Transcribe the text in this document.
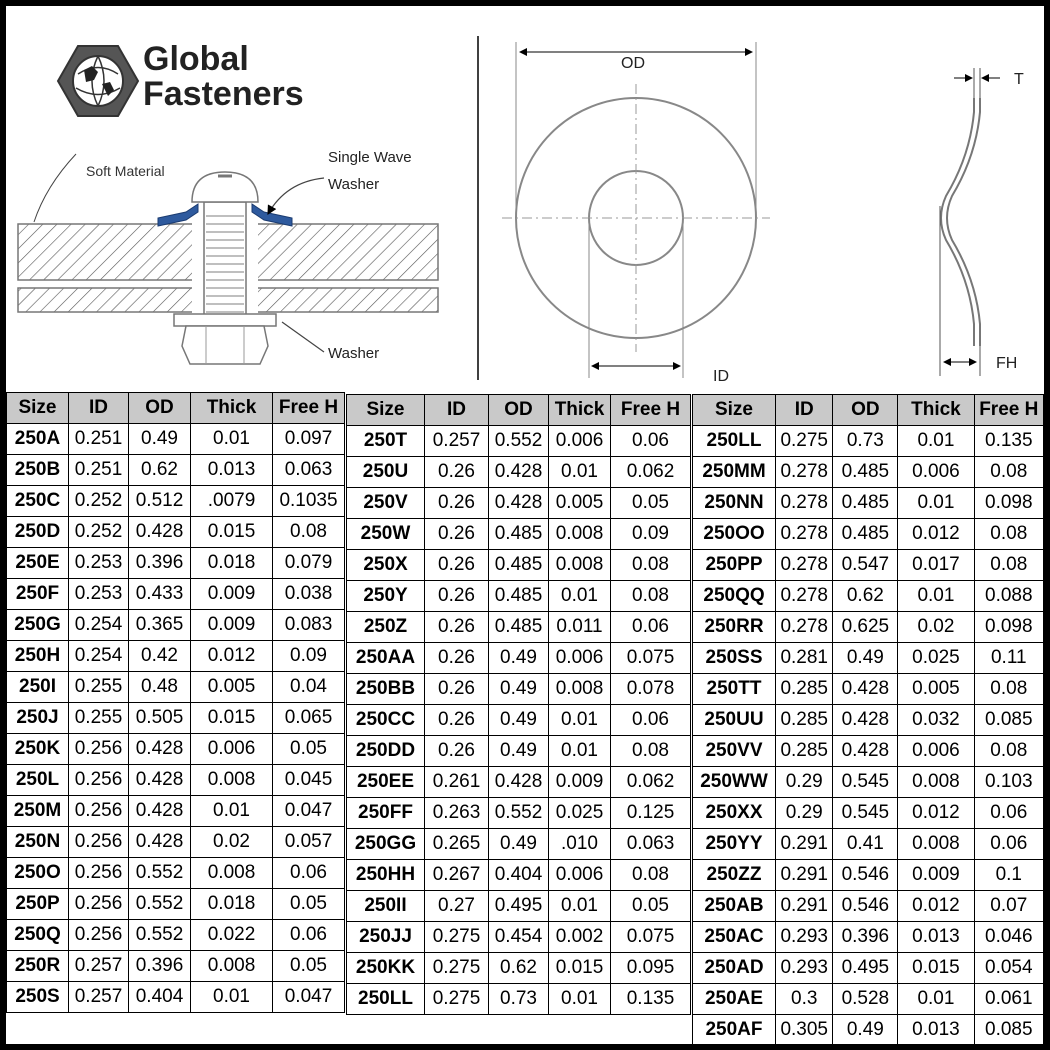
Global
Fasteners
Soft Material
Single Wave
Washer
Washer
OD
ID
T
FH
Size	ID	OD	Thick	Free H
250A	0.251	0.49	0.01	0.097
250B	0.251	0.62	0.013	0.063
250C	0.252	0.512	.0079	0.1035
250D	0.252	0.428	0.015	0.08
250E	0.253	0.396	0.018	0.079
250F	0.253	0.433	0.009	0.038
250G	0.254	0.365	0.009	0.083
250H	0.254	0.42	0.012	0.09
250I	0.255	0.48	0.005	0.04
250J	0.255	0.505	0.015	0.065
250K	0.256	0.428	0.006	0.05
250L	0.256	0.428	0.008	0.045
250M	0.256	0.428	0.01	0.047
250N	0.256	0.428	0.02	0.057
250O	0.256	0.552	0.008	0.06
250P	0.256	0.552	0.018	0.05
250Q	0.256	0.552	0.022	0.06
250R	0.257	0.396	0.008	0.05
250S	0.257	0.404	0.01	0.047
Size	ID	OD	Thick	Free H
250T	0.257	0.552	0.006	0.06
250U	0.26	0.428	0.01	0.062
250V	0.26	0.428	0.005	0.05
250W	0.26	0.485	0.008	0.09
250X	0.26	0.485	0.008	0.08
250Y	0.26	0.485	0.01	0.08
250Z	0.26	0.485	0.011	0.06
250AA	0.26	0.49	0.006	0.075
250BB	0.26	0.49	0.008	0.078
250CC	0.26	0.49	0.01	0.06
250DD	0.26	0.49	0.01	0.08
250EE	0.261	0.428	0.009	0.062
250FF	0.263	0.552	0.025	0.125
250GG	0.265	0.49	.010	0.063
250HH	0.267	0.404	0.006	0.08
250II	0.27	0.495	0.01	0.05
250JJ	0.275	0.454	0.002	0.075
250KK	0.275	0.62	0.015	0.095
250LL	0.275	0.73	0.01	0.135
Size	ID	OD	Thick	Free H
250LL	0.275	0.73	0.01	0.135
250MM	0.278	0.485	0.006	0.08
250NN	0.278	0.485	0.01	0.098
250OO	0.278	0.485	0.012	0.08
250PP	0.278	0.547	0.017	0.08
250QQ	0.278	0.62	0.01	0.088
250RR	0.278	0.625	0.02	0.098
250SS	0.281	0.49	0.025	0.11
250TT	0.285	0.428	0.005	0.08
250UU	0.285	0.428	0.032	0.085
250VV	0.285	0.428	0.006	0.08
250WW	0.29	0.545	0.008	0.103
250XX	0.29	0.545	0.012	0.06
250YY	0.291	0.41	0.008	0.06
250ZZ	0.291	0.546	0.009	0.1
250AB	0.291	0.546	0.012	0.07
250AC	0.293	0.396	0.013	0.046
250AD	0.293	0.495	0.015	0.054
250AE	0.3	0.528	0.01	0.061
250AF	0.305	0.49	0.013	0.085
